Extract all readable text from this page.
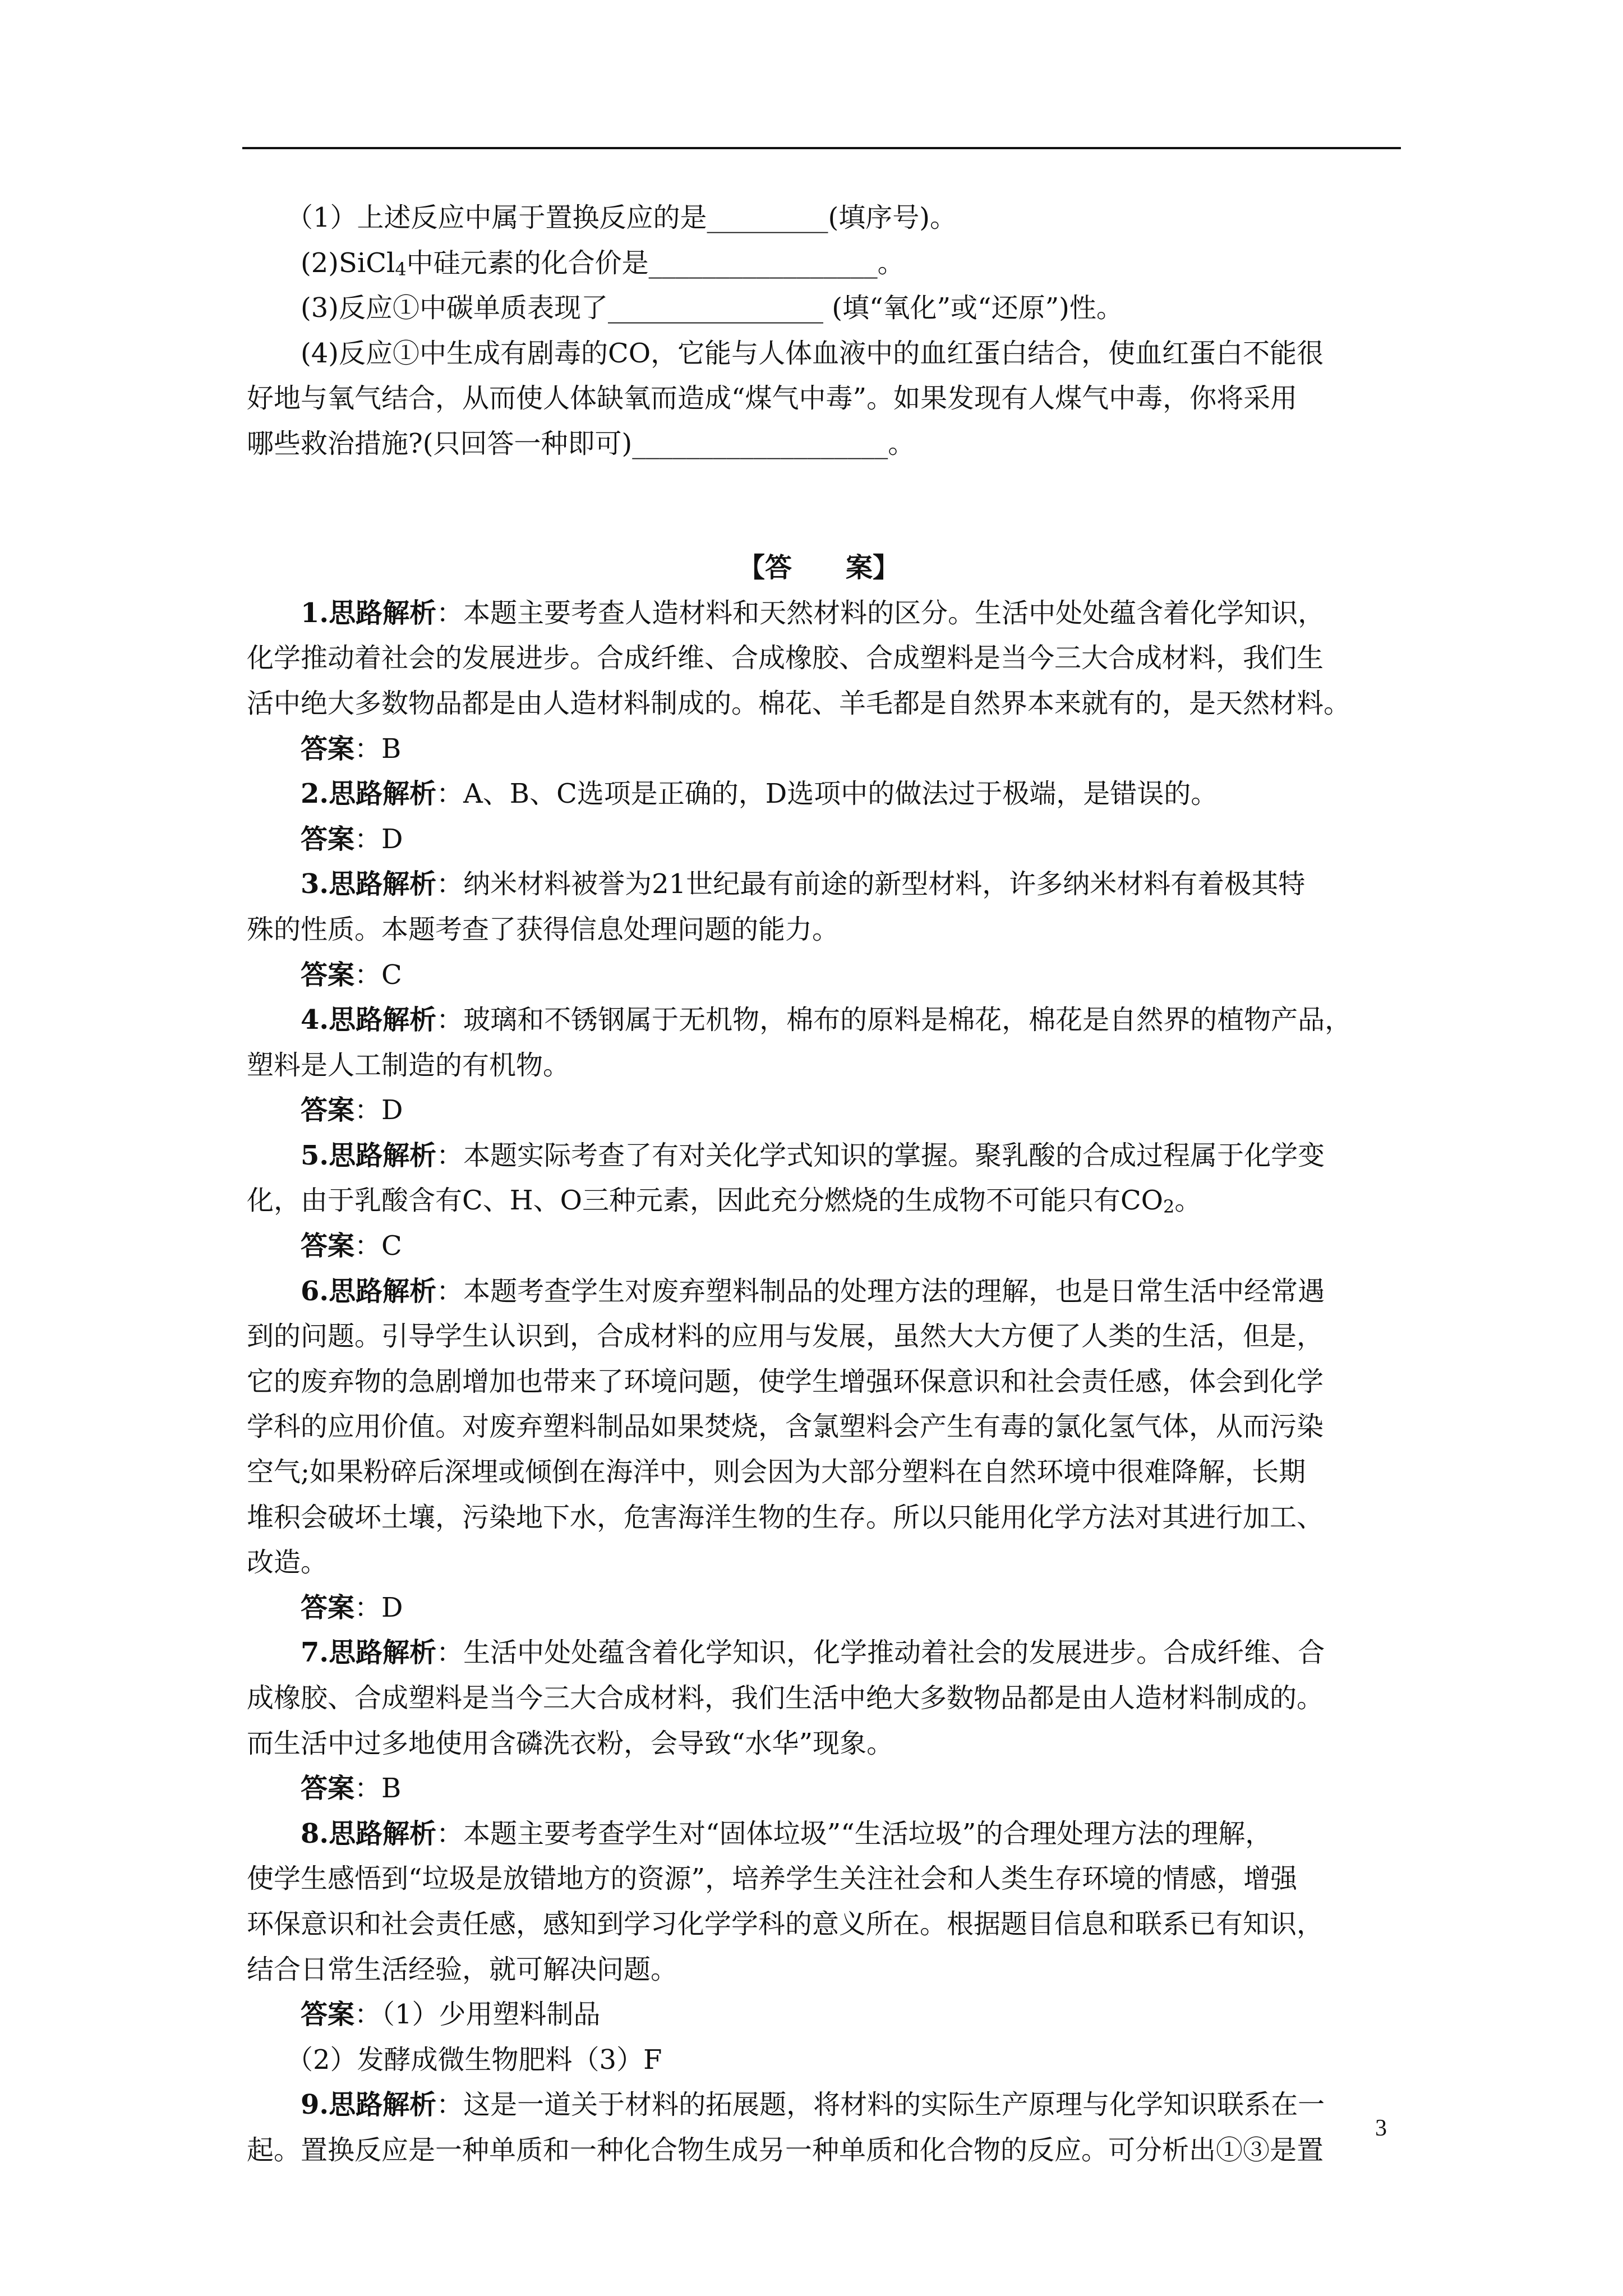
（1）上述反应中属于置换反应的是_________(填序号)。
(2)SiCl$_4$中硅元素的化合价是_________________。
(3)反应①中碳单质表现了________________ (填“氧化”或“还原”)性。
(4)反应①中生成有剧毒的CO，它能与人体血液中的血红蛋白结合，使血红蛋白不能很
好地与氧气结合，从而使人体缺氧而造成“煤气中毒”。如果发现有人煤气中毒，你将采用
哪些救治措施?(只回答一种即可)___________________。
【答　　案】
1.思路解析：本题主要考查人造材料和天然材料的区分。生活中处处蕴含着化学知识，
化学推动着社会的发展进步。合成纤维、合成橡胶、合成塑料是当今三大合成材料，我们生
活中绝大多数物品都是由人造材料制成的。棉花、羊毛都是自然界本来就有的，是天然材料。
答案：B
2.思路解析：A、B、C选项是正确的，D选项中的做法过于极端，是错误的。
答案：D
3.思路解析：纳米材料被誉为21世纪最有前途的新型材料，许多纳米材料有着极其特
殊的性质。本题考查了获得信息处理问题的能力。
答案：C
4.思路解析：玻璃和不锈钢属于无机物，棉布的原料是棉花，棉花是自然界的植物产品，
塑料是人工制造的有机物。
答案：D
5.思路解析：本题实际考查了有对关化学式知识的掌握。聚乳酸的合成过程属于化学变
化，由于乳酸含有C、H、O三种元素，因此充分燃烧的生成物不可能只有$CO_2$。
答案：C
6.思路解析：本题考查学生对废弃塑料制品的处理方法的理解，也是日常生活中经常遇
到的问题。引导学生认识到，合成材料的应用与发展，虽然大大方便了人类的生活，但是，
它的废弃物的急剧增加也带来了环境问题，使学生增强环保意识和社会责任感，体会到化学
学科的应用价值。对废弃塑料制品如果焚烧，含氯塑料会产生有毒的氯化氢气体，从而污染
空气;如果粉碎后深埋或倾倒在海洋中，则会因为大部分塑料在自然环境中很难降解，长期
堆积会破坏土壤，污染地下水，危害海洋生物的生存。所以只能用化学方法对其进行加工、
改造。
答案：D
7.思路解析：生活中处处蕴含着化学知识，化学推动着社会的发展进步。合成纤维、合
成橡胶、合成塑料是当今三大合成材料，我们生活中绝大多数物品都是由人造材料制成的。
而生活中过多地使用含磷洗衣粉，会导致“水华”现象。
答案：B
8.思路解析：本题主要考查学生对“固体垃圾”“生活垃圾”的合理处理方法的理解，
使学生感悟到“垃圾是放错地方的资源”，培养学生关注社会和人类生存环境的情感，增强
环保意识和社会责任感，感知到学习化学学科的意义所在。根据题目信息和联系已有知识，
结合日常生活经验，就可解决问题。
答案：（1）少用塑料制品
（2）发酵成微生物肥料（3）F
9.思路解析：这是一道关于材料的拓展题，将材料的实际生产原理与化学知识联系在一
起。置换反应是一种单质和一种化合物生成另一种单质和化合物的反应。可分析出①③是置
3
